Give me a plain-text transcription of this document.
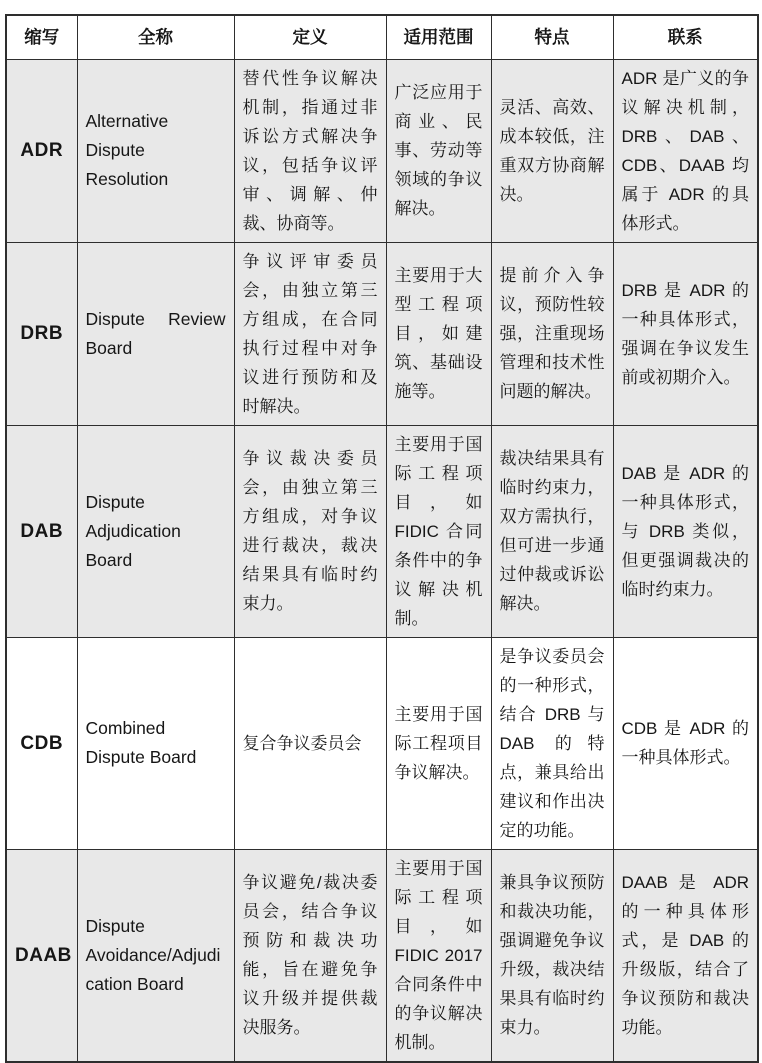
缩写	全称	定义	适用范围	特点	联系
ADR	Alternative Dispute Resolution	替代性争议解决机制，指通过非诉讼方式解决争议，包括争议评审、调解、仲裁、协商等。	广泛应用于商业、民事、劳动等领域的争议解决。	灵活、高效、成本较低，注重双方协商解决。	ADR 是广义的争议解决机制，DRB、DAB、CDB、DAAB 均属于 ADR 的具体形式。
DRB	Dispute Review Board	争议评审委员会，由独立第三方组成，在合同执行过程中对争议进行预防和及时解决。	主要用于大型工程项目，如建筑、基础设施等。	提前介入争议，预防性较强，注重现场管理和技术性问题的解决。	DRB 是 ADR 的一种具体形式，强调在争议发生前或初期介入。
DAB	Dispute Adjudication Board	争议裁决委员会，由独立第三方组成，对争议进行裁决，裁决结果具有临时约束力。	主要用于国际工程项目，如 FIDIC 合同条件中的争议解决机制。	裁决结果具有临时约束力，双方需执行，但可进一步通过仲裁或诉讼解决。	DAB 是 ADR 的一种具体形式，与 DRB 类似，但更强调裁决的临时约束力。
CDB	Combined Dispute Board	复合争议委员会	主要用于国际工程项目争议解决。	是争议委员会的一种形式，结合 DRB 与 DAB 的特点，兼具给出建议和作出决定的功能。	CDB 是 ADR 的一种具体形式。
DAAB	Dispute Avoidance/Adjudication Board	争议避免/裁决委员会，结合争议预防和裁决功能，旨在避免争议升级并提供裁决服务。	主要用于国际工程项目，如 FIDIC 2017 合同条件中的争议解决机制。	兼具争议预防和裁决功能，强调避免争议升级，裁决结果具有临时约束力。	DAAB 是 ADR 的一种具体形式，是 DAB 的升级版，结合了争议预防和裁决功能。
